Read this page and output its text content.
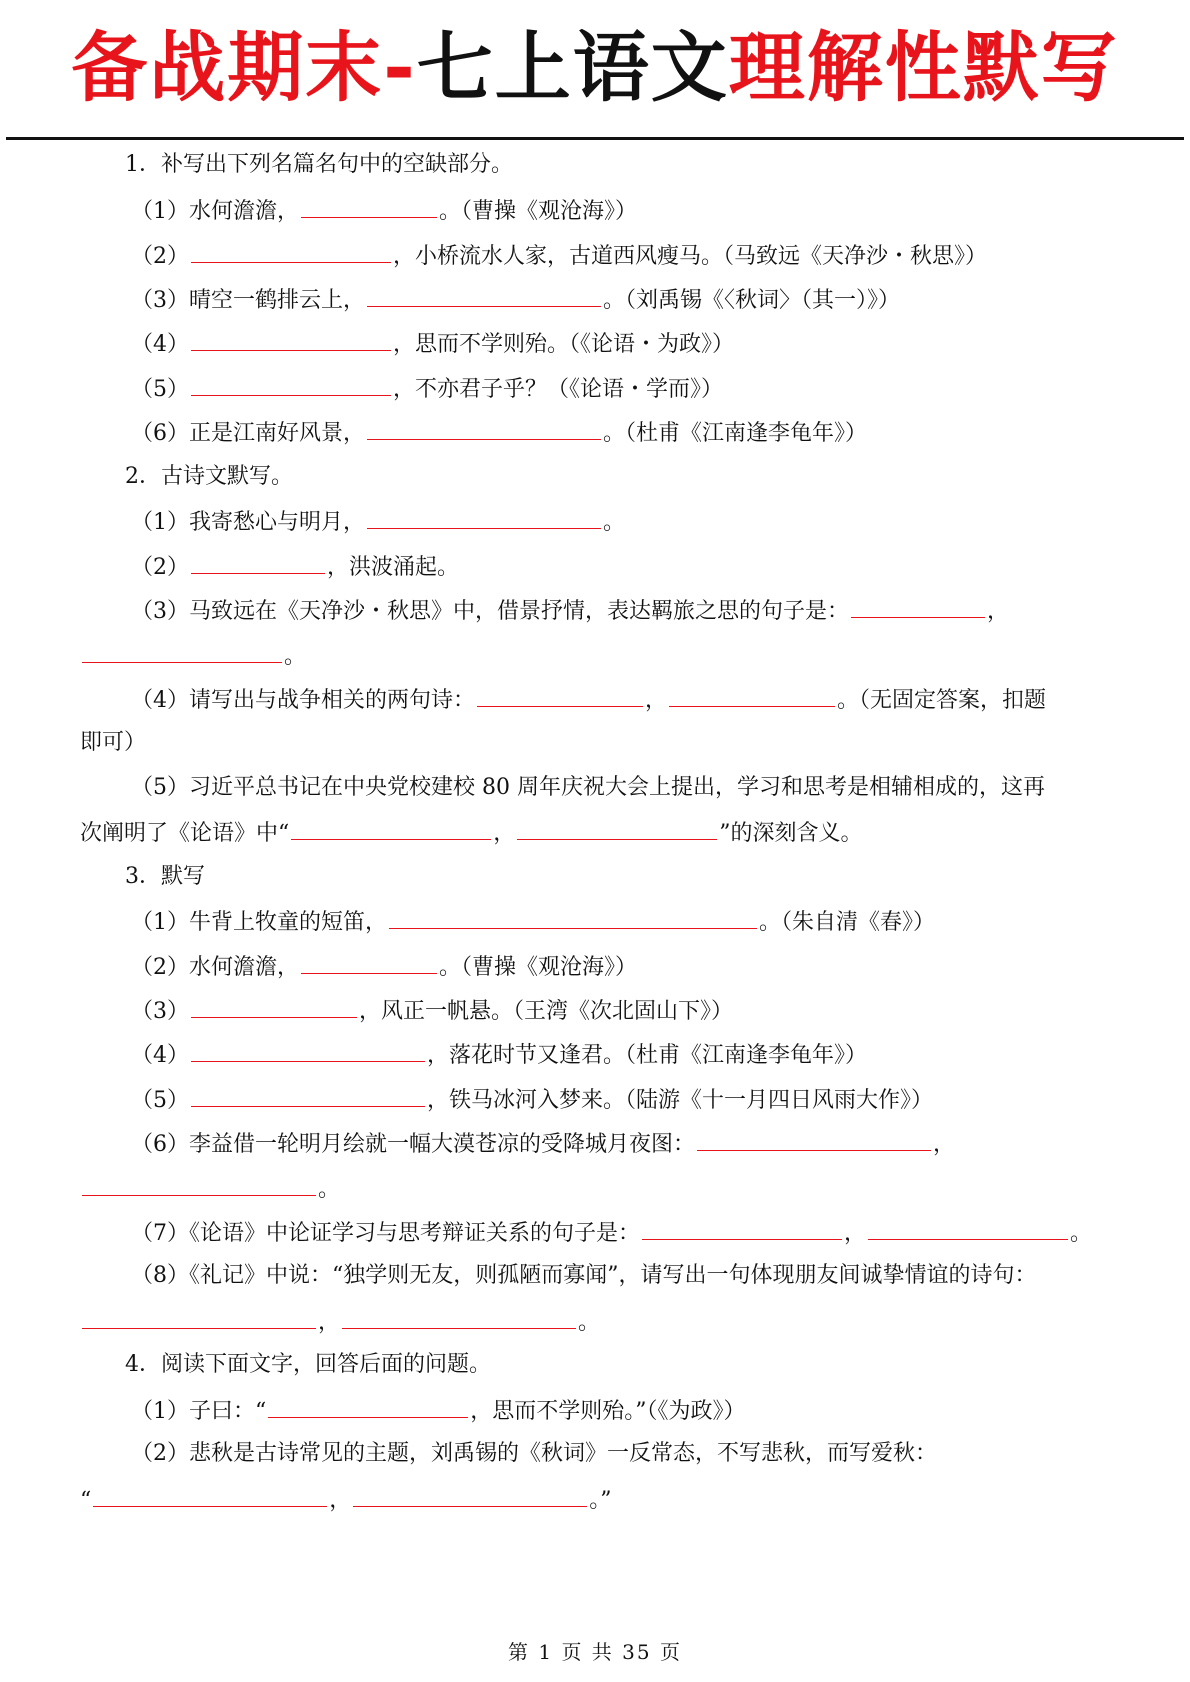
备战期末-七上语文理解性默写
1．补写出下列名篇名句中的空缺部分。
（1）水何澹澹，	。（曹操《观沧海》）
（2）	，小桥流水人家，古道西风瘦马。（马致远《天净沙・秋思》）
（3）晴空一鹤排云上，	。（刘禹锡《〈秋词〉（其一）》）
（4）	，思而不学则殆。（《论语・为政》）
（5）	，不亦君子乎？（《论语・学而》）
（6）正是江南好风景，	。（杜甫《江南逢李龟年》）
2．古诗文默写。
（1）我寄愁心与明月，	。
（2）	，洪波涌起。
（3）马致远在《天净沙・秋思》中，借景抒情，表达羁旅之思的句子是：	，
。
（4）请写出与战争相关的两句诗：	，	。（无固定答案，扣题
即可）
（5）习近平总书记在中央党校建校 80 周年庆祝大会上提出，学习和思考是相辅相成的，这再
次阐明了《论语》中“	，	”的深刻含义。
3．默写
（1）牛背上牧童的短笛，	。（朱自清《春》）
（2）水何澹澹，	。（曹操《观沧海》）
（3）	，风正一帆悬。（王湾《次北固山下》）
（4）	，落花时节又逢君。（杜甫《江南逢李龟年》）
（5）	，铁马冰河入梦来。（陆游《十一月四日风雨大作》）
（6）李益借一轮明月绘就一幅大漠苍凉的受降城月夜图：	，
。
（7）《论语》中论证学习与思考辩证关系的句子是：	，	。
（8）《礼记》中说：“独学则无友，则孤陋而寡闻”，请写出一句体现朋友间诚挚情谊的诗句：
，	。
4．阅读下面文字，回答后面的问题。
（1）子曰：“	，思而不学则殆。”（《为政》）
（2）悲秋是古诗常见的主题，刘禹锡的《秋词》一反常态，不写悲秋，而写爱秋：
“	，	。”
第 1 页 共 35 页
